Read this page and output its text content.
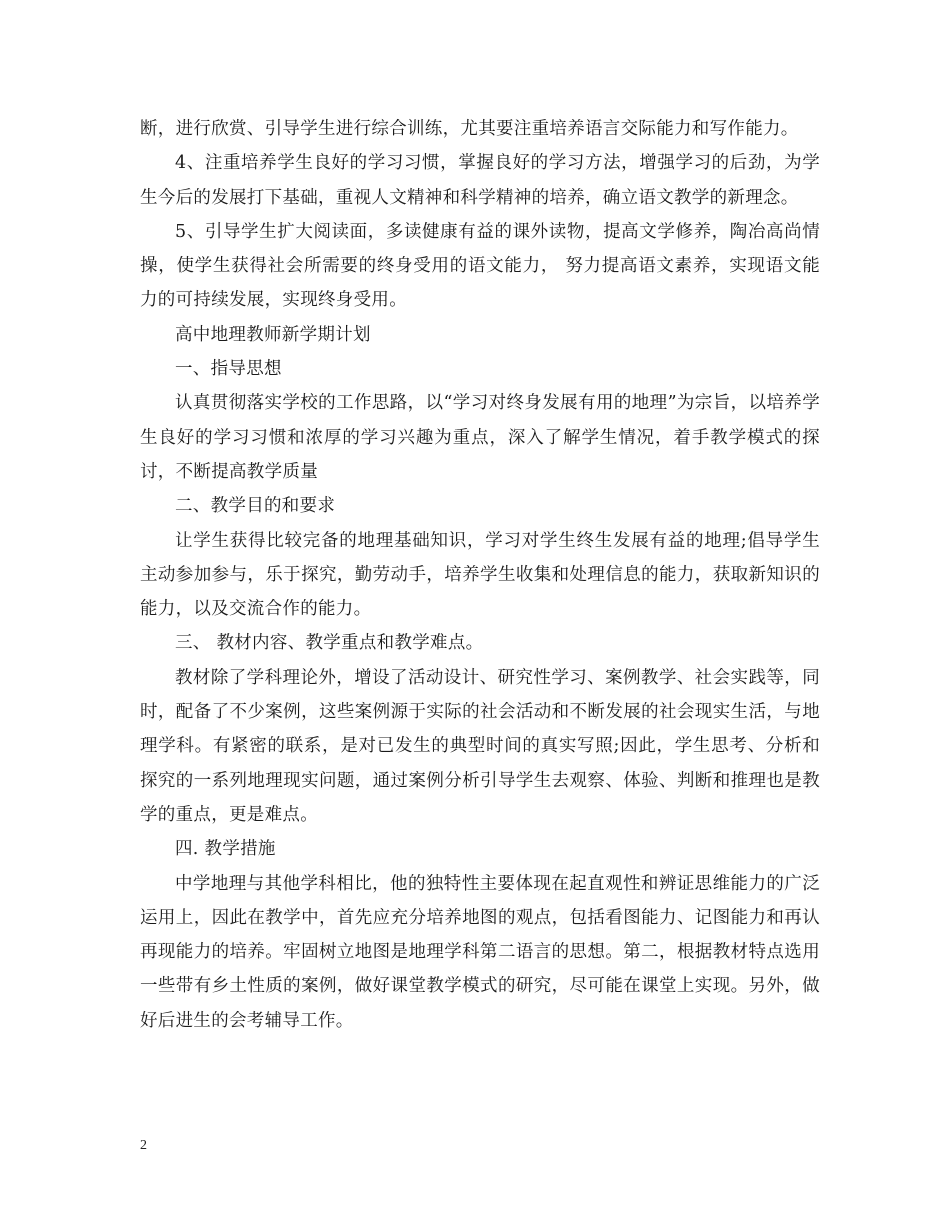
断，进行欣赏、引导学生进行综合训练，尤其要注重培养语言交际能力和写作能力。

4、注重培养学生良好的学习习惯，掌握良好的学习方法，增强学习的后劲，为学生今后的发展打下基础，重视人文精神和科学精神的培养，确立语文教学的新理念。

5、引导学生扩大阅读面，多读健康有益的课外读物，提高文学修养，陶冶高尚情操，使学生获得社会所需要的终身受用的语文能力， 努力提高语文素养，实现语文能力的可持续发展，实现终身受用。

高中地理教师新学期计划

一、指导思想

认真贯彻落实学校的工作思路，以“学习对终身发展有用的地理”为宗旨，以培养学生良好的学习习惯和浓厚的学习兴趣为重点，深入了解学生情况，着手教学模式的探讨，不断提高教学质量

二、教学目的和要求

让学生获得比较完备的地理基础知识，学习对学生终生发展有益的地理;倡导学生主动参加参与，乐于探究，勤劳动手，培养学生收集和处理信息的能力，获取新知识的能力，以及交流合作的能力。

三、 教材内容、教学重点和教学难点。

教材除了学科理论外，增设了活动设计、研究性学习、案例教学、社会实践等，同时，配备了不少案例，这些案例源于实际的社会活动和不断发展的社会现实生活，与地理学科。有紧密的联系，是对已发生的典型时间的真实写照;因此，学生思考、分析和探究的一系列地理现实问题，通过案例分析引导学生去观察、体验、判断和推理也是教学的重点，更是难点。

四. 教学措施

中学地理与其他学科相比，他的独特性主要体现在起直观性和辨证思维能力的广泛运用上，因此在教学中，首先应充分培养地图的观点，包括看图能力、记图能力和再认再现能力的培养。牢固树立地图是地理学科第二语言的思想。第二，根据教材特点选用一些带有乡土性质的案例，做好课堂教学模式的研究，尽可能在课堂上实现。另外，做好后进生的会考辅导工作。

2
